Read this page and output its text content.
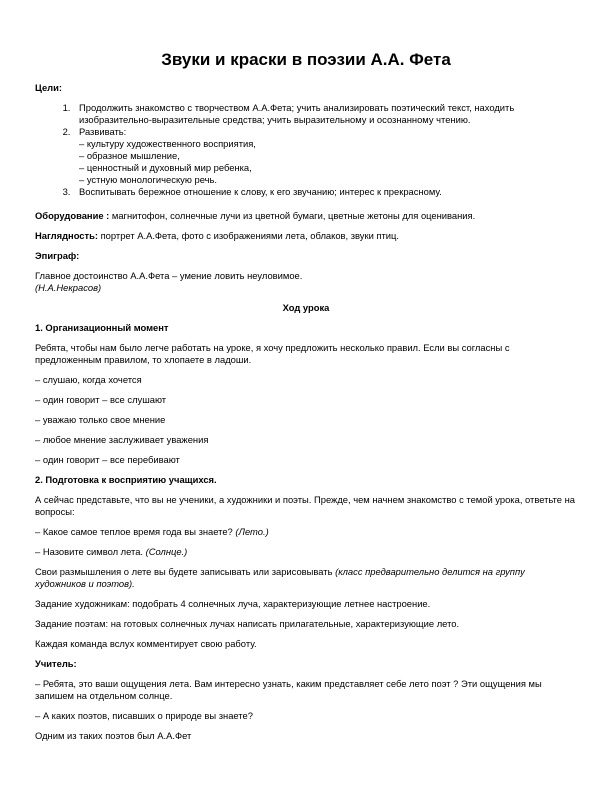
Звуки и краски в поэзии А.А. Фета
Цели:
1. Продолжить знакомство с творчеством А.А.Фета; учить анализировать поэтический текст, находить изобразительно-выразительные средства; учить выразительному и осознанному чтению.
2. Развивать:
– культуру художественного восприятия,
– образное мышление,
– ценностный и духовный мир ребенка,
– устную монологическую речь.
3. Воспитывать бережное отношение к слову, к его звучанию; интерес к прекрасному.

Оборудование : магнитофон, солнечные лучи из цветной бумаги, цветные жетоны для оценивания.

Наглядность: портрет А.А.Фета, фото с изображениями лета, облаков, звуки птиц.

Эпиграф:

Главное достоинство А.А.Фета – умение ловить неуловимое.
(Н.А.Некрасов)

Ход урока

1. Организационный момент

Ребята, чтобы нам было легче работать на уроке, я хочу предложить несколько правил. Если вы согласны с предложенным правилом, то хлопаете в ладоши.

– слушаю, когда хочется

– один говорит – все слушают

– уважаю только свое мнение

– любое мнение заслуживает уважения

– один говорит – все перебивают

2. Подготовка к восприятию учащихся.

А сейчас представьте, что вы не ученики, а художники и поэты. Прежде, чем начнем знакомство с темой урока, ответьте на вопросы:

– Какое самое теплое время года вы знаете? (Лето.)

– Назовите символ лета. (Солнце.)

Свои размышления о лете вы будете записывать или зарисовывать (класс предварительно делится на группу художников и поэтов).

Задание художникам: подобрать 4 солнечных луча, характеризующие летнее настроение.

Задание поэтам: на готовых солнечных лучах написать прилагательные, характеризующие лето.

Каждая команда вслух комментирует свою работу.

Учитель:

– Ребята, это ваши ощущения лета. Вам интересно узнать, каким представляет себе лето поэт ? Эти ощущения мы запишем на отдельном солнце.

– А каких поэтов, писавших о природе вы знаете?

Одним из таких поэтов был А.А.Фет
